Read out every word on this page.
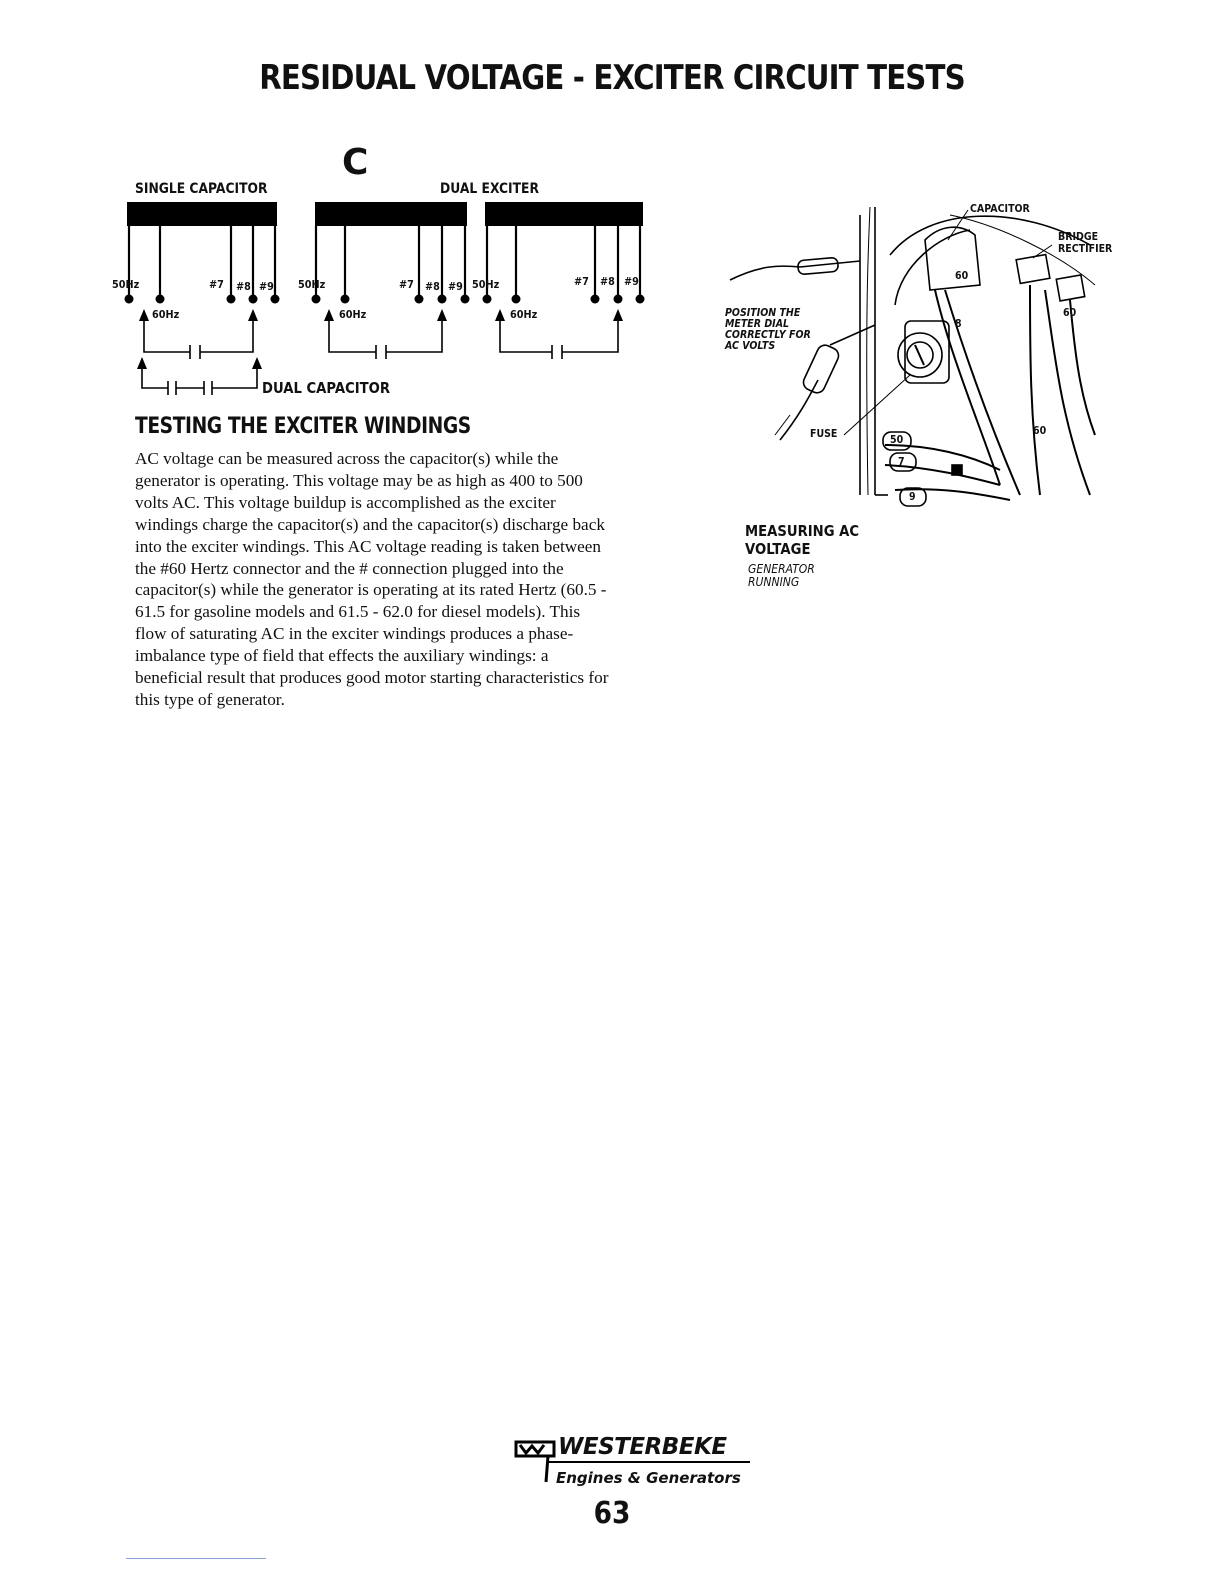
RESIDUAL VOLTAGE - EXCITER CIRCUIT TESTS
C
SINGLE CAPACITOR	DUAL EXCITER
50Hz	#7 #8 #9
60Hz
50Hz	#7 #8 #9
60Hz
50Hz	#7 #8 #9
60Hz
DUAL CAPACITOR
TESTING THE EXCITER WINDINGS

AC voltage can be measured across the capacitor(s) while the generator is operating. This voltage may be as high as 400 to 500 volts AC. This voltage buildup is accomplished as the exciter windings charge the capacitor(s) and the capacitor(s) discharge back into the exciter windings. This AC voltage reading is taken between the #60 Hertz connector and the # connection plugged into the capacitor(s) while the generator is operating at its rated Hertz (60.5 - 61.5 for gasoline models and 61.5 - 62.0 for diesel models). This flow of saturating AC in the exciter windings produces a phase-imbalance type of field that effects the auxiliary windings: a beneficial result that produces good motor starting characteristics for this type of generator.

CAPACITOR
BRIDGE
RECTIFIER
POSITION THE METER DIAL CORRECTLY FOR AC VOLTS
FUSE
60
8
60
60
50
7
9
MEASURING AC VOLTAGE
GENERATOR RUNNING
WESTERBEKE
Engines & Generators
63
